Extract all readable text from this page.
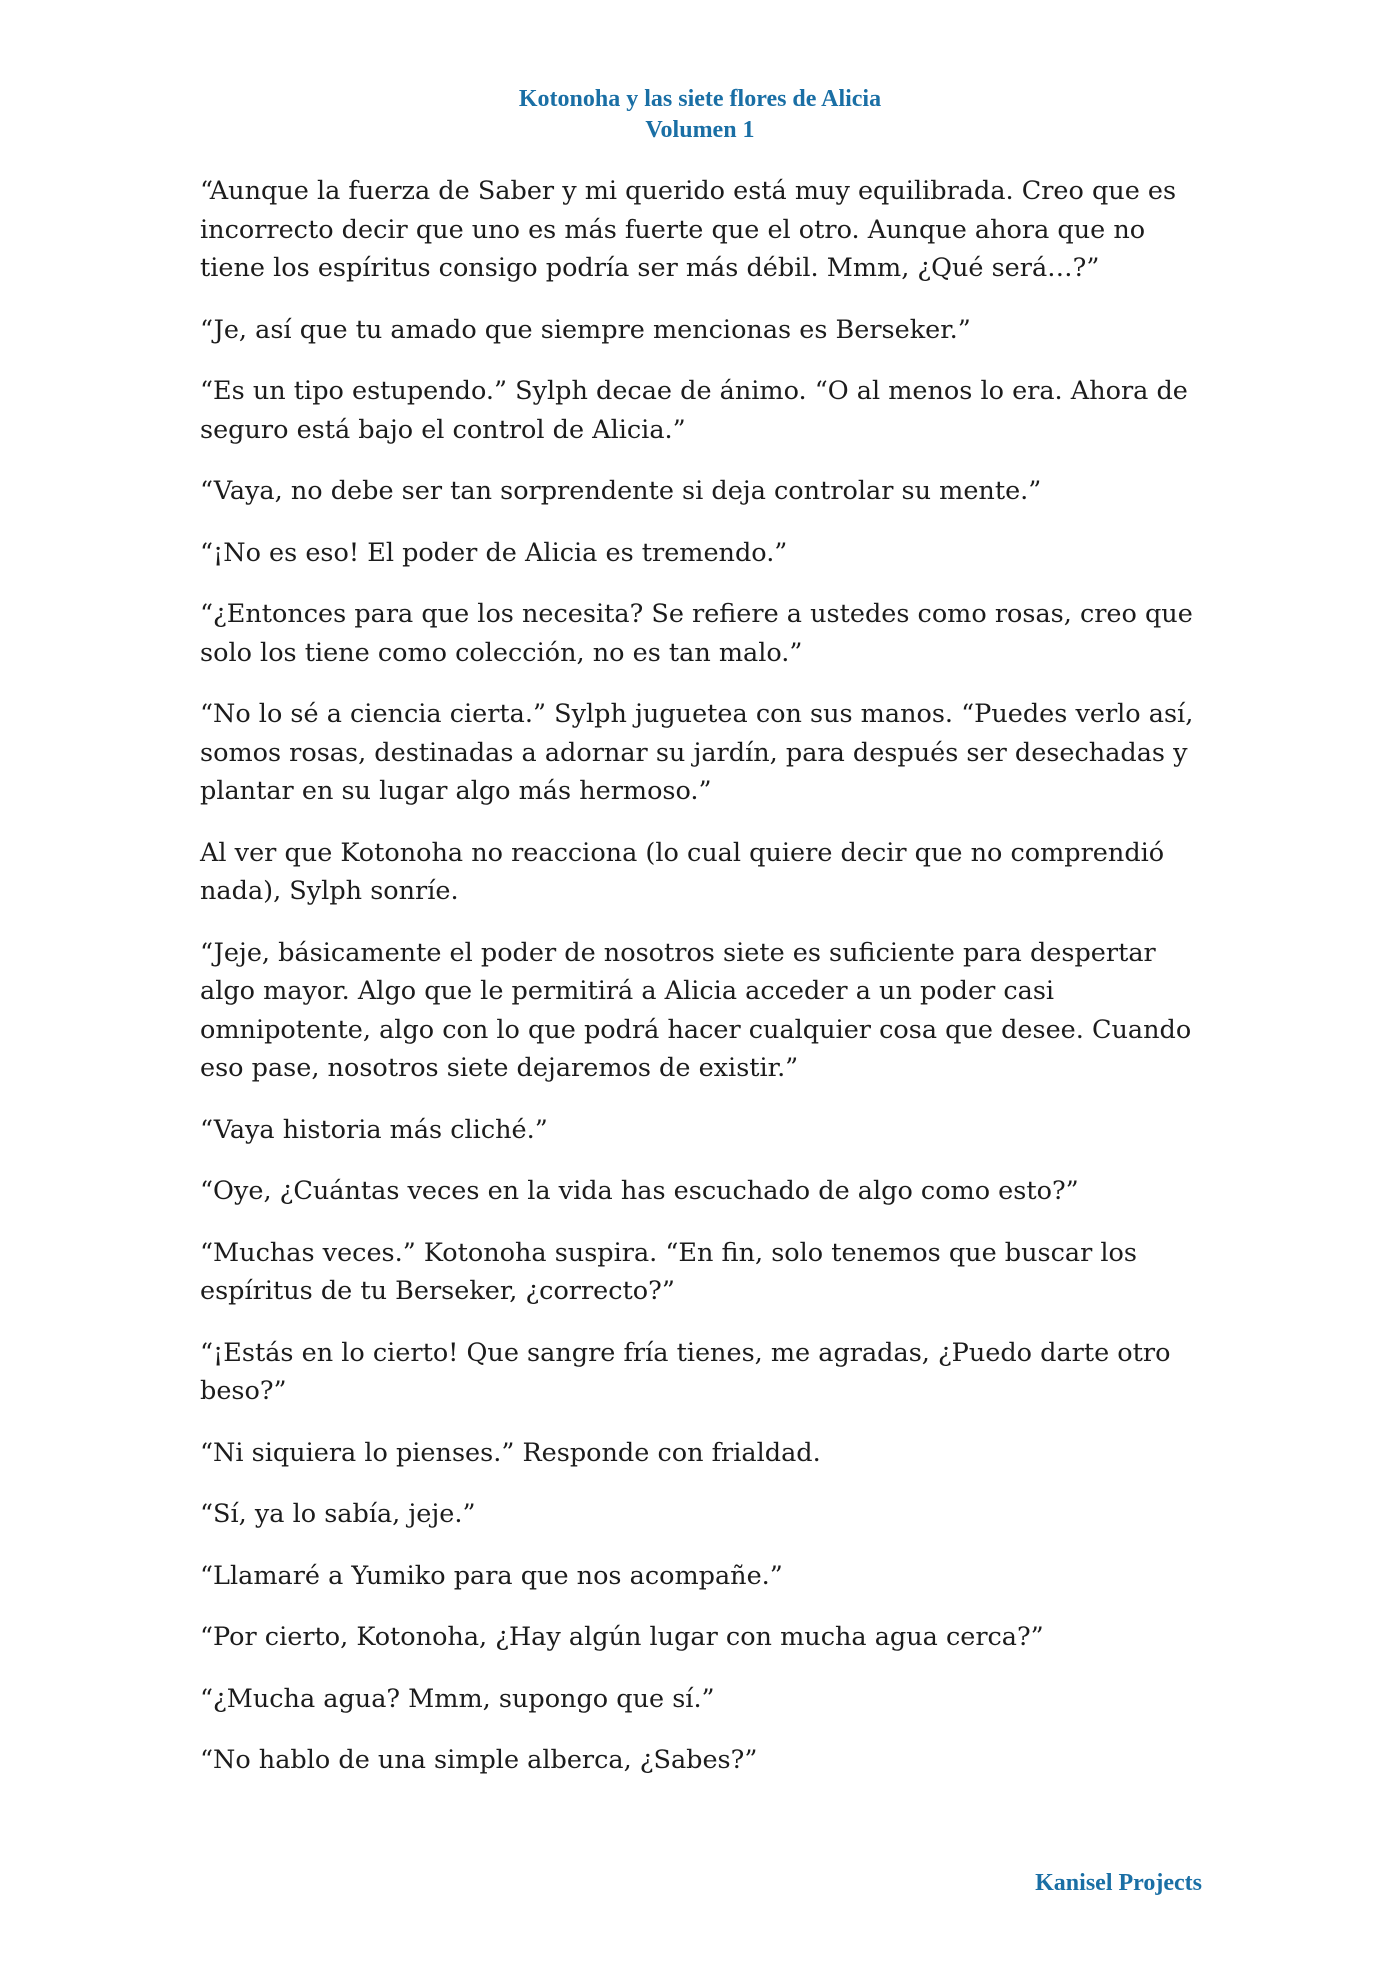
Kotonoha y las siete flores de Alicia
Volumen 1

“Aunque la fuerza de Saber y mi querido está muy equilibrada. Creo que es incorrecto decir que uno es más fuerte que el otro. Aunque ahora que no tiene los espíritus consigo podría ser más débil. Mmm, ¿Qué será…?”

“Je, así que tu amado que siempre mencionas es Berseker.”

“Es un tipo estupendo.” Sylph decae de ánimo. “O al menos lo era. Ahora de seguro está bajo el control de Alicia.”

“Vaya, no debe ser tan sorprendente si deja controlar su mente.”

“¡No es eso! El poder de Alicia es tremendo.”

“¿Entonces para que los necesita? Se refiere a ustedes como rosas, creo que solo los tiene como colección, no es tan malo.”

“No lo sé a ciencia cierta.” Sylph juguetea con sus manos. “Puedes verlo así, somos rosas, destinadas a adornar su jardín, para después ser desechadas y plantar en su lugar algo más hermoso.”

Al ver que Kotonoha no reacciona (lo cual quiere decir que no comprendió nada), Sylph sonríe.

“Jeje, básicamente el poder de nosotros siete es suficiente para despertar algo mayor. Algo que le permitirá a Alicia acceder a un poder casi omnipotente, algo con lo que podrá hacer cualquier cosa que desee. Cuando eso pase, nosotros siete dejaremos de existir.”

“Vaya historia más cliché.”

“Oye, ¿Cuántas veces en la vida has escuchado de algo como esto?”

“Muchas veces.” Kotonoha suspira. “En fin, solo tenemos que buscar los espíritus de tu Berseker, ¿correcto?”

“¡Estás en lo cierto! Que sangre fría tienes, me agradas, ¿Puedo darte otro beso?”

“Ni siquiera lo pienses.” Responde con frialdad.

“Sí, ya lo sabía, jeje.”

“Llamaré a Yumiko para que nos acompañe.”

“Por cierto, Kotonoha, ¿Hay algún lugar con mucha agua cerca?”

“¿Mucha agua? Mmm, supongo que sí.”

“No hablo de una simple alberca, ¿Sabes?”

Kanisel Projects
